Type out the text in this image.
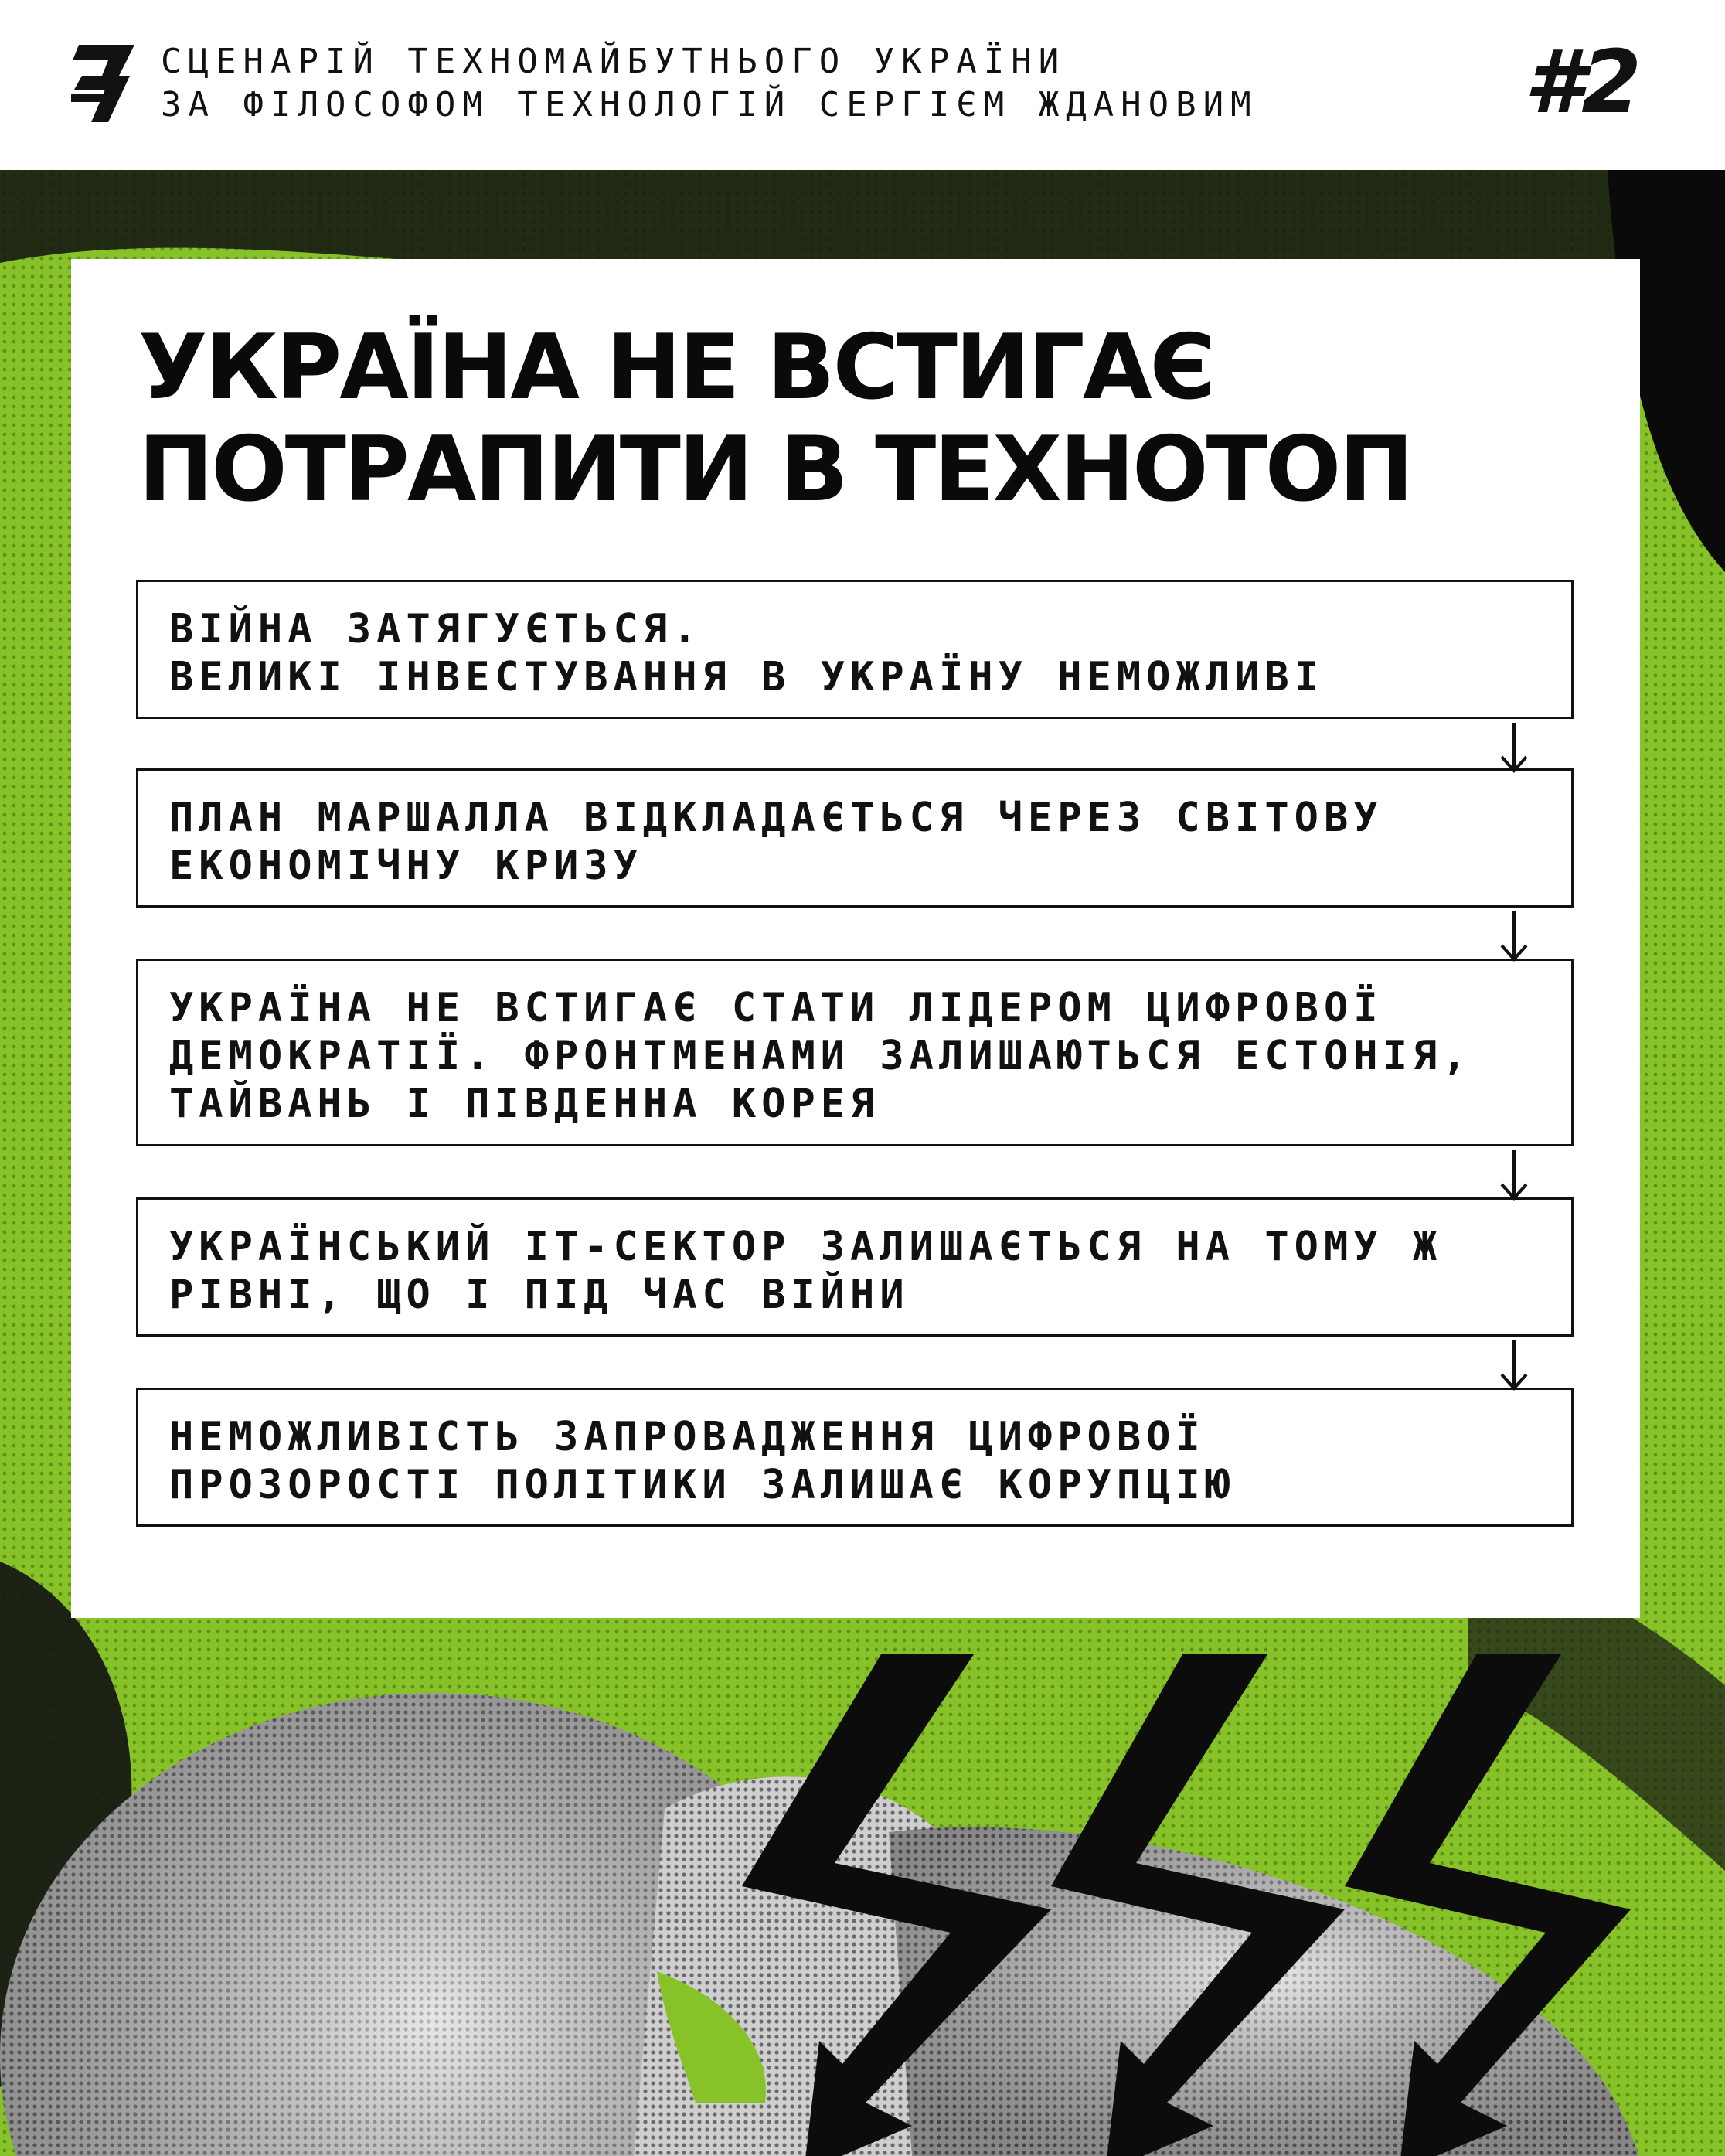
СЦЕНАРІЙ ТЕХНОМАЙБУТНЬОГО УКРАЇНИ
ЗА ФІЛОСОФОМ ТЕХНОЛОГІЙ СЕРГІЄМ ЖДАНОВИМ	#2
УКРАЇНА НЕ ВСТИГАЄ
ПОТРАПИТИ В ТЕХНОТОП
ВІЙНА ЗАТЯГУЄТЬСЯ.
ВЕЛИКІ ІНВЕСТУВАННЯ В УКРАЇНУ НЕМОЖЛИВІ
ПЛАН МАРШАЛЛА ВІДКЛАДАЄТЬСЯ ЧЕРЕЗ СВІТОВУ
ЕКОНОМІЧНУ КРИЗУ
УКРАЇНА НЕ ВСТИГАЄ СТАТИ ЛІДЕРОМ ЦИФРОВОЇ
ДЕМОКРАТІЇ. ФРОНТМЕНАМИ ЗАЛИШАЮТЬСЯ ЕСТОНІЯ,
ТАЙВАНЬ І ПІВДЕННА КОРЕЯ
УКРАЇНСЬКИЙ IT-СЕКТОР ЗАЛИШАЄТЬСЯ НА ТОМУ Ж
РІВНІ, ЩО І ПІД ЧАС ВІЙНИ
НЕМОЖЛИВІСТЬ ЗАПРОВАДЖЕННЯ ЦИФРОВОЇ
ПРОЗОРОСТІ ПОЛІТИКИ ЗАЛИШАЄ КОРУПЦІЮ
